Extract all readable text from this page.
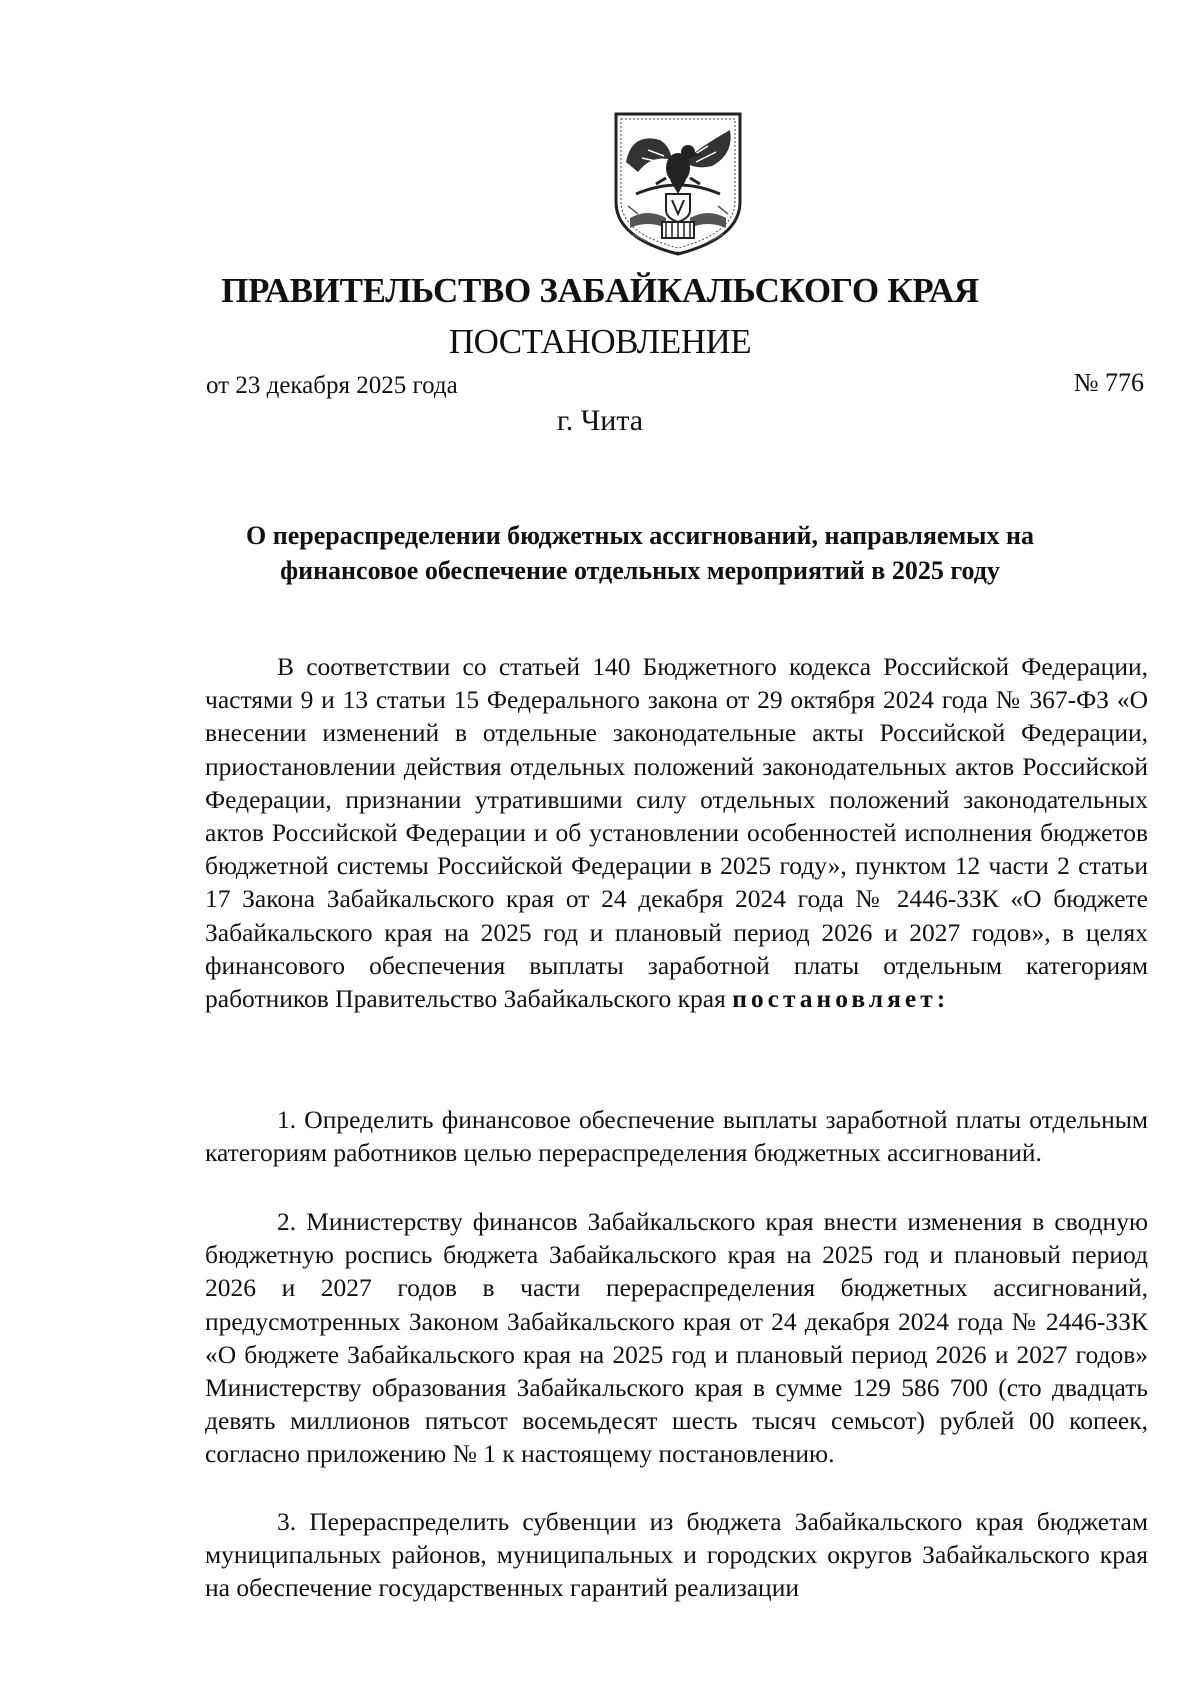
ПРАВИТЕЛЬСТВО ЗАБАЙКАЛЬСКОГО КРАЯ
ПОСТАНОВЛЕНИЕ
от 23 декабря 2025 года	№ 776
г. Чита
О перераспределении бюджетных ассигнований, направляемых на
финансовое обеспечение отдельных мероприятий в 2025 году

В соответствии со статьей 140 Бюджетного кодекса Российской Федерации, частями 9 и 13 статьи 15 Федерального закона от 29 октября 2024 года № 367-ФЗ «О внесении изменений в отдельные законодательные акты Российской Федерации, приостановлении действия отдельных положений законодательных актов Российской Федерации, признании утратившими силу отдельных положений законодательных актов Российской Федерации и об установлении особенностей исполнения бюджетов бюджетной системы Российской Федерации в 2025 году», пунктом 12 части 2 статьи 17 Закона Забайкальского края от 24 декабря 2024 года № 2446-ЗЗК «О бюджете Забайкальского края на 2025 год и плановый период 2026 и 2027 годов», в целях финансового обеспечения выплаты заработной платы отдельным категориям работников Правительство Забайкальского края постановляет:

1. Определить финансовое обеспечение выплаты заработной платы отдельным категориям работников целью перераспределения бюджетных ассигнований.

2. Министерству финансов Забайкальского края внести изменения в сводную бюджетную роспись бюджета Забайкальского края на 2025 год и плановый период 2026 и 2027 годов в части перераспределения бюджетных ассигнований, предусмотренных Законом Забайкальского края от 24 декабря 2024 года № 2446-ЗЗК «О бюджете Забайкальского края на 2025 год и плановый период 2026 и 2027 годов» Министерству образования Забайкальского края в сумме 129 586 700 (сто двадцать девять миллионов пятьсот восемьдесят шесть тысяч семьсот) рублей 00 копеек, согласно приложению № 1 к настоящему постановлению.

3. Перераспределить субвенции из бюджета Забайкальского края бюджетам муниципальных районов, муниципальных и городских округов Забайкальского края на обеспечение государственных гарантий реализации
